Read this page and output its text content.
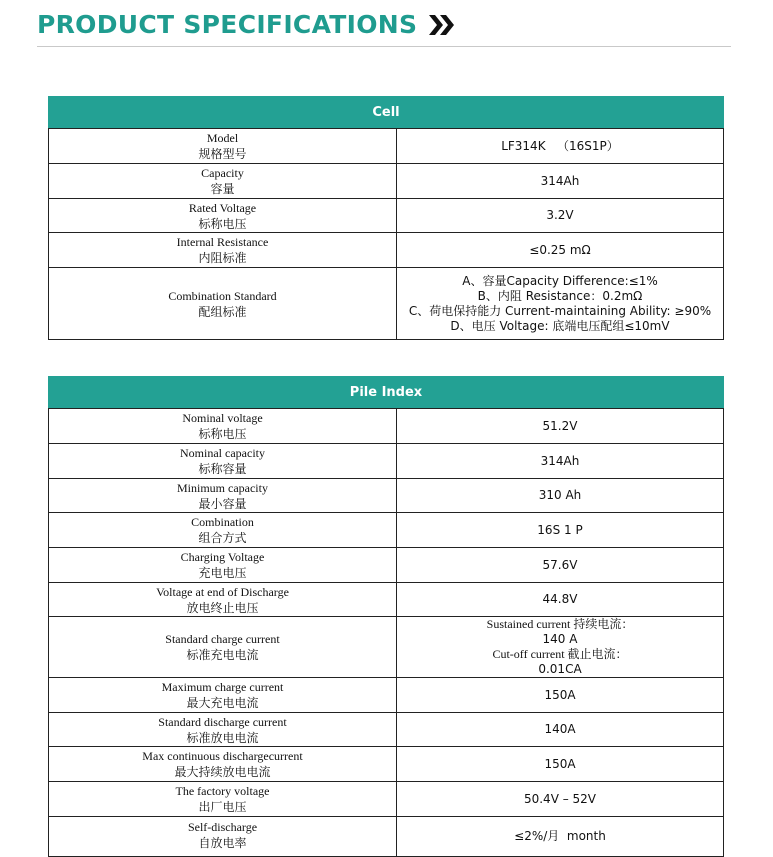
PRODUCT SPECIFICATIONS
Cell
Model
规格型号	LF314K   （16S1P）

Capacity
容量	314Ah

Rated Voltage
标称电压	3.2V

Internal Resistance
内阻标准	≤0.25 mΩ

Combination Standard
配组标准	A、容量Capacity Difference:≤1%
B、内阻 Resistance：0.2mΩ
C、荷电保持能力 Current-maintaining Ability: ≥90%
D、电压 Voltage: 底端电压配组≤10mV
Pile Index
Nominal voltage
标称电压	51.2V

Nominal capacity
标称容量	314Ah

Minimum capacity
最小容量	310 Ah

Combination
组合方式	16S 1 P

Charging Voltage
充电电压	57.6V

Voltage at end of Discharge
放电终止电压	44.8V

Standard charge current
标准充电电流	Sustained current 持续电流：
140 A
Cut-off current 截止电流：
0.01CA

Maximum charge current
最大充电电流	150A

Standard discharge current
标准放电电流	140A

Max continuous dischargecurrent
最大持续放电电流	150A

The factory voltage
出厂电压	50.4V – 52V

Self-discharge
自放电率	≤2%/月  month
